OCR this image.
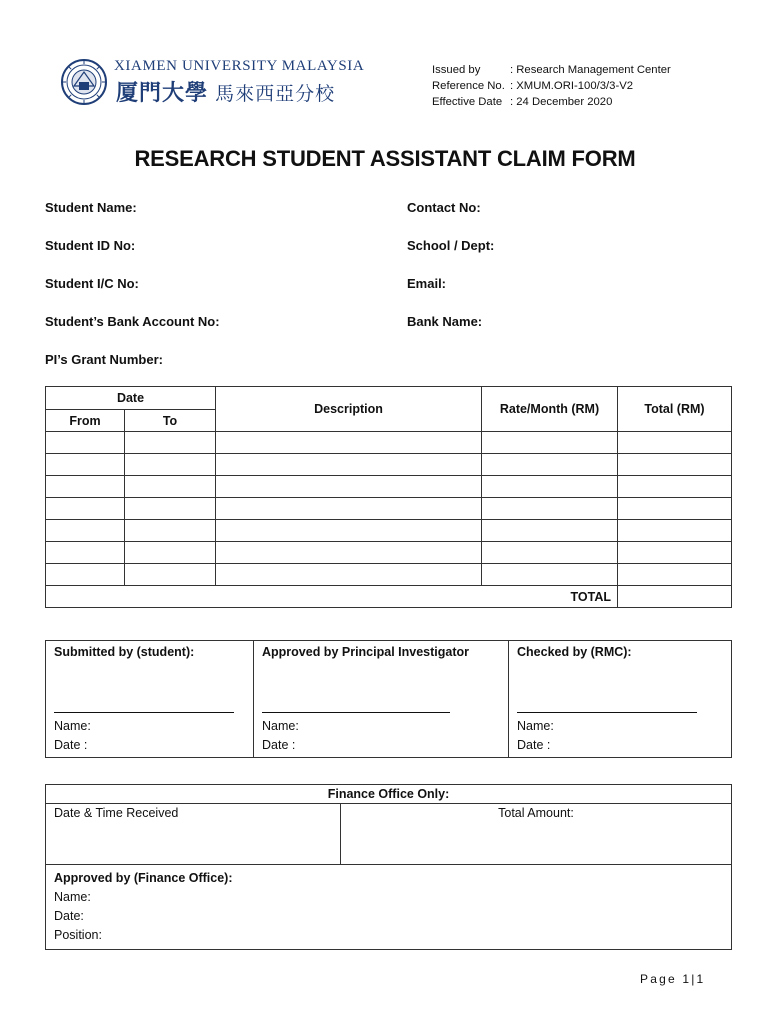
XIAMEN UNIVERSITY MALAYSIA
厦門大學 馬來西亞分校
Issued by	: Research Management Center
Reference No. : XMUM.ORI-100/3/3-V2
Effective Date : 24 December 2020
RESEARCH STUDENT ASSISTANT CLAIM FORM
Student Name:	Contact No:
Student ID No:	School / Dept:
Student I/C No:	Email:
Student’s Bank Account No:	Bank Name:
PI’s Grant Number:
Date		Description	Rate/Month (RM)	Total (RM)
From	To			

TOTAL				
Submitted by (student):
Name:
Date :

Approved by Principal Investigator
Name:
Date :

Checked by (RMC):
Name:
Date :
Finance Office Only:
Date & Time Received	Total Amount:

Approved by (Finance Office):
Name:
Date:
Position:
Page 1|1
